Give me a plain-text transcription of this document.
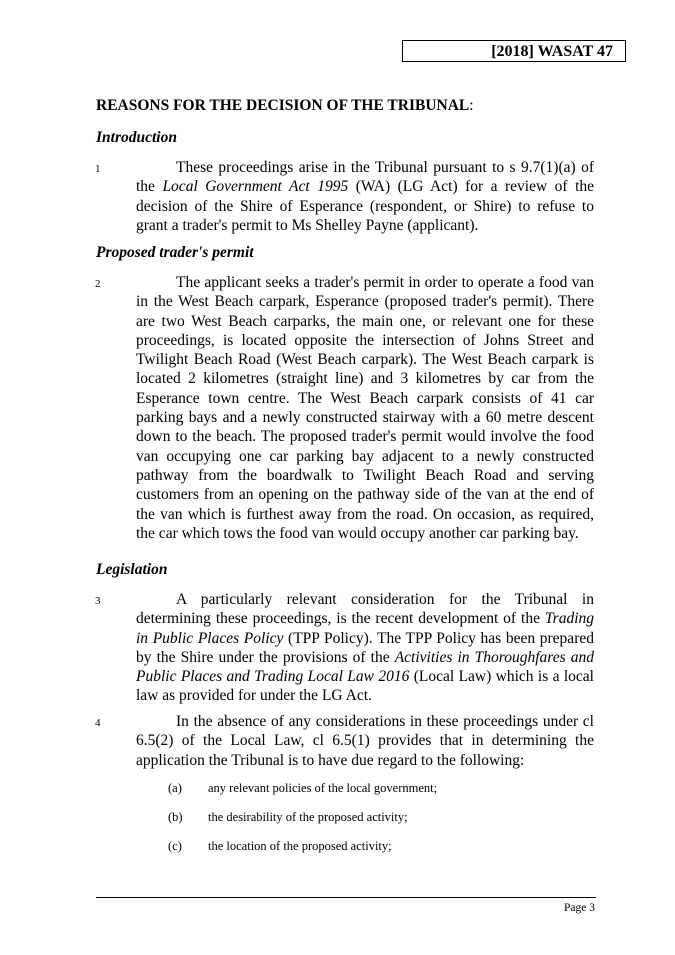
[2018] WASAT 47
REASONS FOR THE DECISION OF THE TRIBUNAL:
Introduction
1	These proceedings arise in the Tribunal pursuant to s 9.7(1)(a) of the Local Government Act 1995 (WA) (LG Act) for a review of the decision of the Shire of Esperance (respondent, or Shire) to refuse to grant a trader's permit to Ms Shelley Payne (applicant).
Proposed trader's permit
2	The applicant seeks a trader's permit in order to operate a food van in the West Beach carpark, Esperance (proposed trader's permit). There are two West Beach carparks, the main one, or relevant one for these proceedings, is located opposite the intersection of Johns Street and Twilight Beach Road (West Beach carpark). The West Beach carpark is located 2 kilometres (straight line) and 3 kilometres by car from the Esperance town centre. The West Beach carpark consists of 41 car parking bays and a newly constructed stairway with a 60 metre descent down to the beach. The proposed trader's permit would involve the food van occupying one car parking bay adjacent to a newly constructed pathway from the boardwalk to Twilight Beach Road and serving customers from an opening on the pathway side of the van at the end of the van which is furthest away from the road. On occasion, as required, the car which tows the food van would occupy another car parking bay.
Legislation
3	A particularly relevant consideration for the Tribunal in determining these proceedings, is the recent development of the Trading in Public Places Policy (TPP Policy). The TPP Policy has been prepared by the Shire under the provisions of the Activities in Thoroughfares and Public Places and Trading Local Law 2016 (Local Law) which is a local law as provided for under the LG Act.
4	In the absence of any considerations in these proceedings under cl 6.5(2) of the Local Law, cl 6.5(1) provides that in determining the application the Tribunal is to have due regard to the following:
(a) any relevant policies of the local government;
(b) the desirability of the proposed activity;
(c) the location of the proposed activity;
Page 3
